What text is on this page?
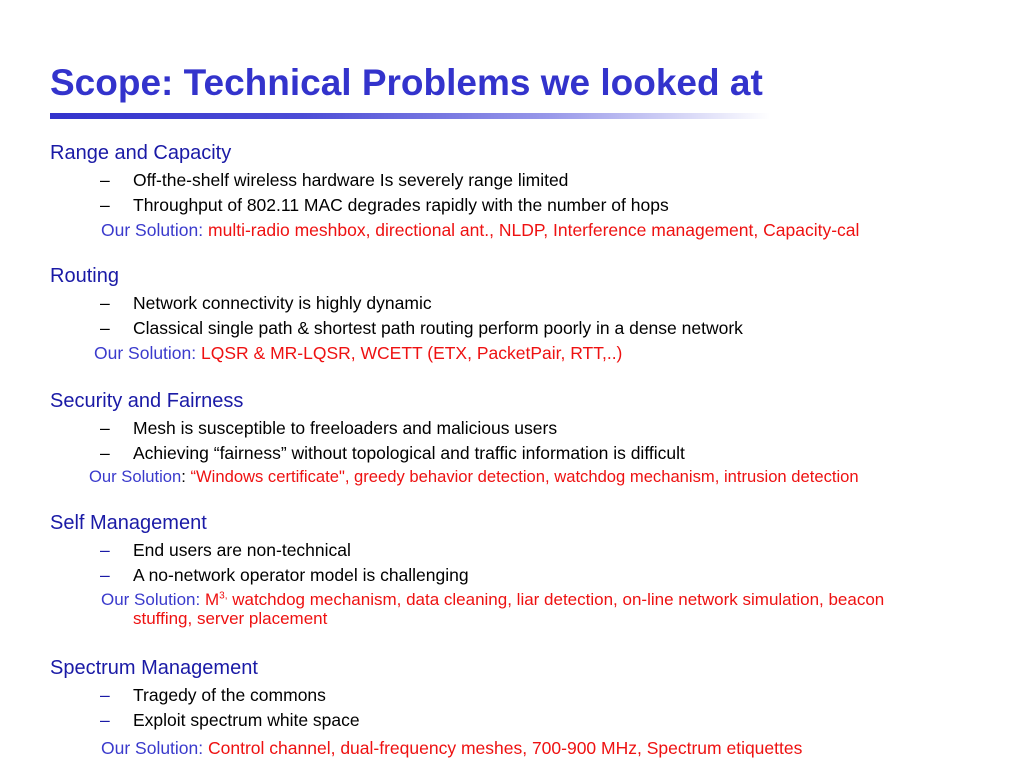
Scope: Technical Problems we looked at
Range and Capacity
– Off-the-shelf wireless hardware Is severely range limited
– Throughput of 802.11 MAC degrades rapidly with the number of hops
Our Solution: multi-radio meshbox, directional ant., NLDP, Interference management, Capacity-cal
Routing
– Network connectivity is highly dynamic
– Classical single path & shortest path routing perform poorly in a dense network
Our Solution: LQSR & MR-LQSR, WCETT (ETX, PacketPair, RTT,..)
Security and Fairness
– Mesh is susceptible to freeloaders and malicious users
– Achieving “fairness” without topological and traffic information is difficult
Our Solution: “Windows certificate", greedy behavior detection, watchdog mechanism, intrusion detection
Self Management
– End users are non-technical
– A no-network operator model is challenging
Our Solution: $M^{3,}$ watchdog mechanism, data cleaning, liar detection, on-line network simulation, beacon
stuffing, server placement
Spectrum Management
– Tragedy of the commons
– Exploit spectrum white space
Our Solution: Control channel, dual-frequency meshes, 700-900 MHz, Spectrum etiquettes
